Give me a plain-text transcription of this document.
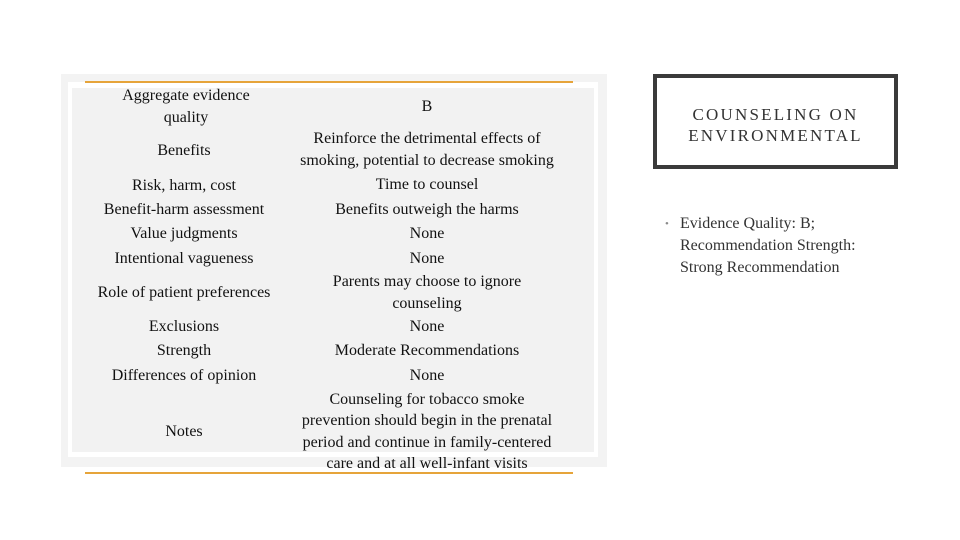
Aggregate evidence
quality
Benefits
Risk, harm, cost
Benefit-harm assessment
Value judgments
Intentional vagueness
Role of patient preferences
Exclusions
Strength
Differences of opinion
Notes
B
Reinforce the detrimental effects of
smoking, potential to decrease smoking
Time to counsel
Benefits outweigh the harms
None
None
Parents may choose to ignore
counseling
None
Moderate Recommendations
None
Counseling for tobacco smoke
prevention should begin in the prenatal
period and continue in family-centered
care and at all well-infant visits
COUNSELING ON
ENVIRONMENTAL
• Evidence Quality: B;
Recommendation Strength:
Strong Recommendation
